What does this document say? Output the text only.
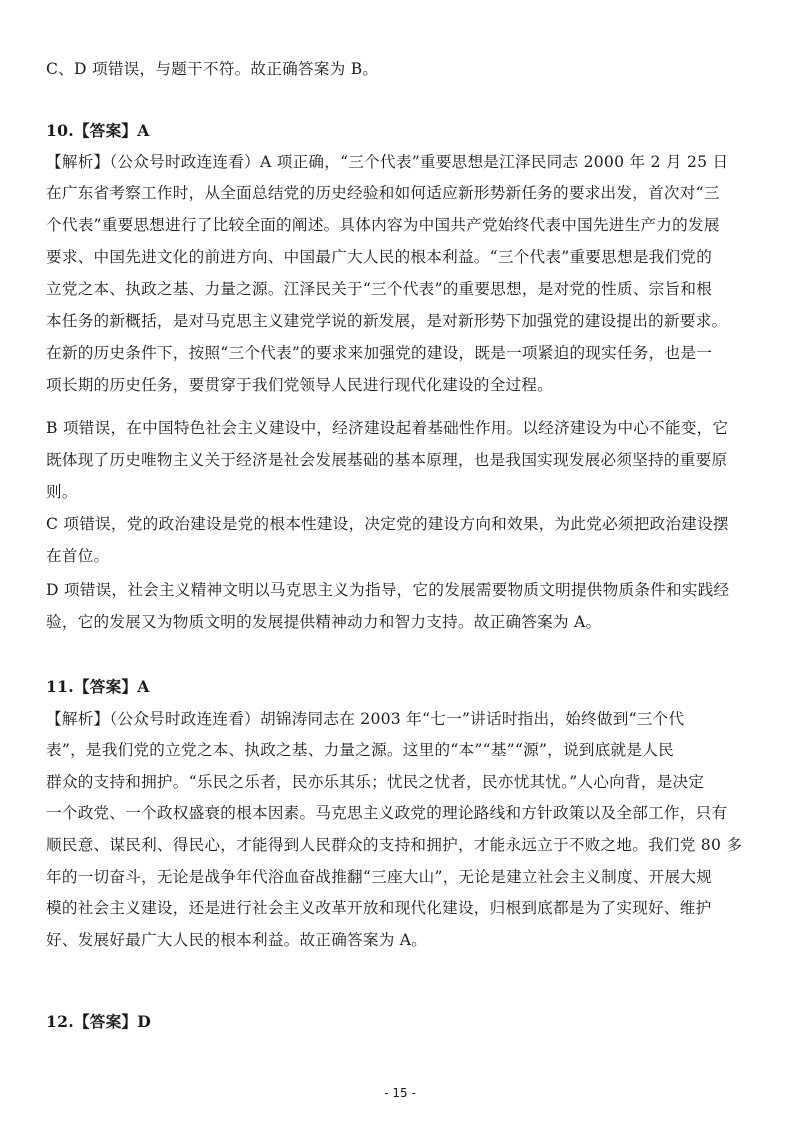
C、D 项错误，与题干不符。故正确答案为 B。
10.【答案】A
【解析】（公众号时政连连看）A 项正确，“三个代表”重要思想是江泽民同志 2000 年 2 月 25 日
在广东省考察工作时，从全面总结党的历史经验和如何适应新形势新任务的要求出发，首次对“三
个代表”重要思想进行了比较全面的阐述。具体内容为中国共产党始终代表中国先进生产力的发展
要求、中国先进文化的前进方向、中国最广大人民的根本利益。“三个代表”重要思想是我们党的
立党之本、执政之基、力量之源。江泽民关于“三个代表”的重要思想，是对党的性质、宗旨和根
本任务的新概括，是对马克思主义建党学说的新发展，是对新形势下加强党的建设提出的新要求。
在新的历史条件下，按照“三个代表”的要求来加强党的建设，既是一项紧迫的现实任务，也是一
项长期的历史任务，要贯穿于我们党领导人民进行现代化建设的全过程。
B 项错误，在中国特色社会主义建设中，经济建设起着基础性作用。以经济建设为中心不能变，它
既体现了历史唯物主义关于经济是社会发展基础的基本原理，也是我国实现发展必须坚持的重要原
则。
C 项错误，党的政治建设是党的根本性建设，决定党的建设方向和效果，为此党必须把政治建设摆
在首位。
D 项错误，社会主义精神文明以马克思主义为指导，它的发展需要物质文明提供物质条件和实践经
验，它的发展又为物质文明的发展提供精神动力和智力支持。故正确答案为 A。
11.【答案】A
【解析】（公众号时政连连看）胡锦涛同志在 2003 年“七一”讲话时指出，始终做到“三个代
表”，是我们党的立党之本、执政之基、力量之源。这里的“本”“基”“源”，说到底就是人民
群众的支持和拥护。“乐民之乐者，民亦乐其乐；忧民之忧者，民亦忧其忧。”人心向背，是决定
一个政党、一个政权盛衰的根本因素。马克思主义政党的理论路线和方针政策以及全部工作，只有
顺民意、谋民利、得民心，才能得到人民群众的支持和拥护，才能永远立于不败之地。我们党 80 多
年的一切奋斗，无论是战争年代浴血奋战推翻“三座大山”，无论是建立社会主义制度、开展大规
模的社会主义建设，还是进行社会主义改革开放和现代化建设，归根到底都是为了实现好、维护
好、发展好最广大人民的根本利益。故正确答案为 A。
12.【答案】D
- 15 -
